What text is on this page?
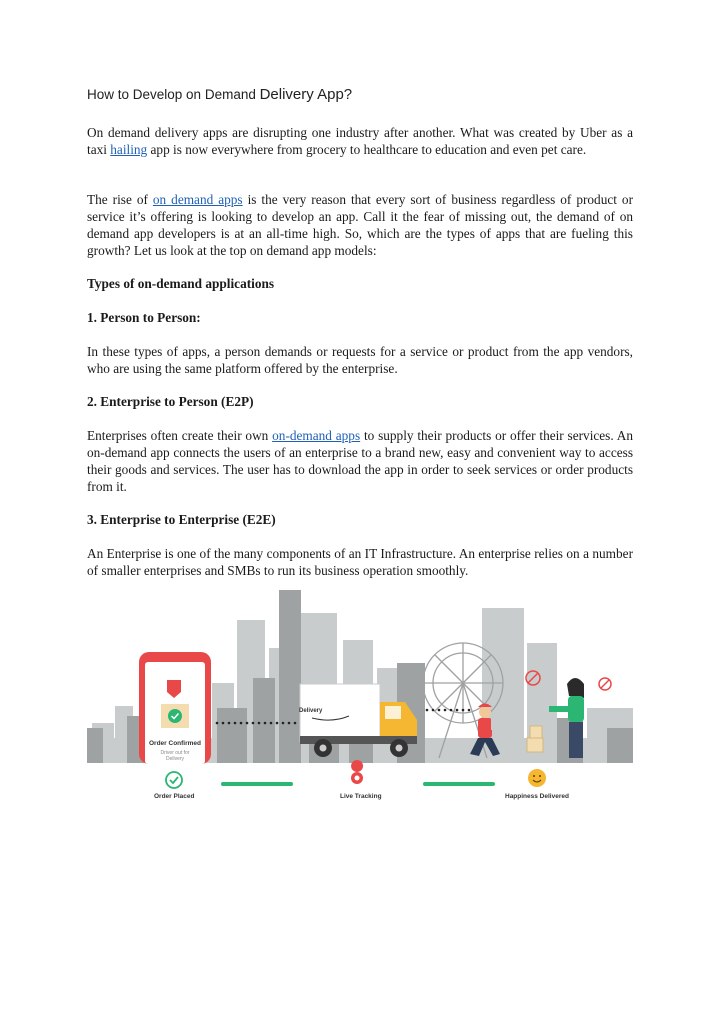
How to Develop on Demand Delivery App?
On demand delivery apps are disrupting one industry after another. What was created by Uber as a taxi hailing app is now everywhere from grocery to healthcare to education and even pet care.
The rise of on demand apps is the very reason that every sort of business regardless of product or service it’s offering is looking to develop an app. Call it the fear of missing out, the demand of on demand app developers is at an all-time high. So, which are the types of apps that are fueling this growth? Let us look at the top on demand app models:
Types of on-demand applications
1. Person to Person:
In these types of apps, a person demands or requests for a service or product from the app vendors, who are using the same platform offered by the enterprise.
2. Enterprise to Person (E2P)
Enterprises often create their own on-demand apps to supply their products or offer their services. An on-demand app connects the users of an enterprise to a brand new, easy and convenient way to access their goods and services. The user has to download the app in order to seek services or order products from it.
3. Enterprise to Enterprise (E2E)
An Enterprise is one of the many components of an IT Infrastructure. An enterprise relies on a number of smaller enterprises and SMBs to run its business operation smoothly.
Delivery
Order Confirmed
Driver out for Delivery
Order Placed	Live Tracking	Happiness Delivered
